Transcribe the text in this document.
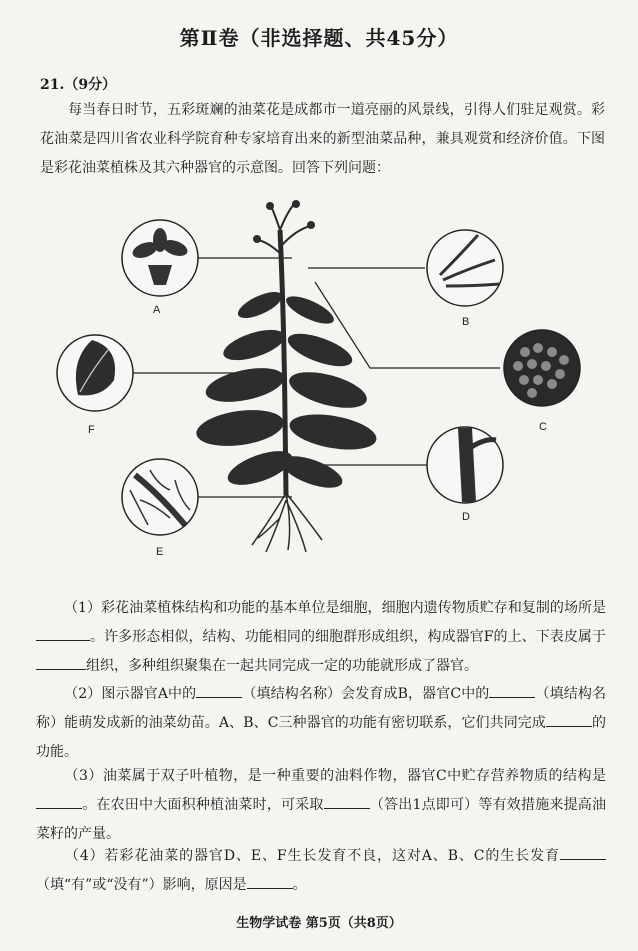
第Ⅱ卷（非选择题、共45分）
21.（9分）
每当春日时节，五彩斑斓的油菜花是成都市一道亮丽的风景线，引得人们驻足观赏。彩花油菜是四川省农业科学院育种专家培育出来的新型油菜品种，兼具观赏和经济价值。下图是彩花油菜植株及其六种器官的示意图。回答下列问题：
A
B
C
D
E
F
（1）彩花油菜植株结构和功能的基本单位是细胞，细胞内遗传物质贮存和复制的场所是。许多形态相似，结构、功能相同的细胞群形成组织，构成器官F的上、下表皮属于组织，多种组织聚集在一起共同完成一定的功能就形成了器官。
（2）图示器官A中的	（填结构名称）会发育成B，器官C中的	（填结构名称）能萌发成新的油菜幼苗。A、B、C三种器官的功能有密切联系，它们共同完成	的功能。
（3）油菜属于双子叶植物，是一种重要的油料作物，器官C中贮存营养物质的结构是。在农田中大面积种植油菜时，可采取	（答出1点即可）等有效措施来提高油菜籽的产量。
（4）若彩花油菜的器官D、E、F生长发育不良，这对A、B、C的生长发育（填“有”或“没有”）影响，原因是	。
生物学试卷 第5页（共8页）
